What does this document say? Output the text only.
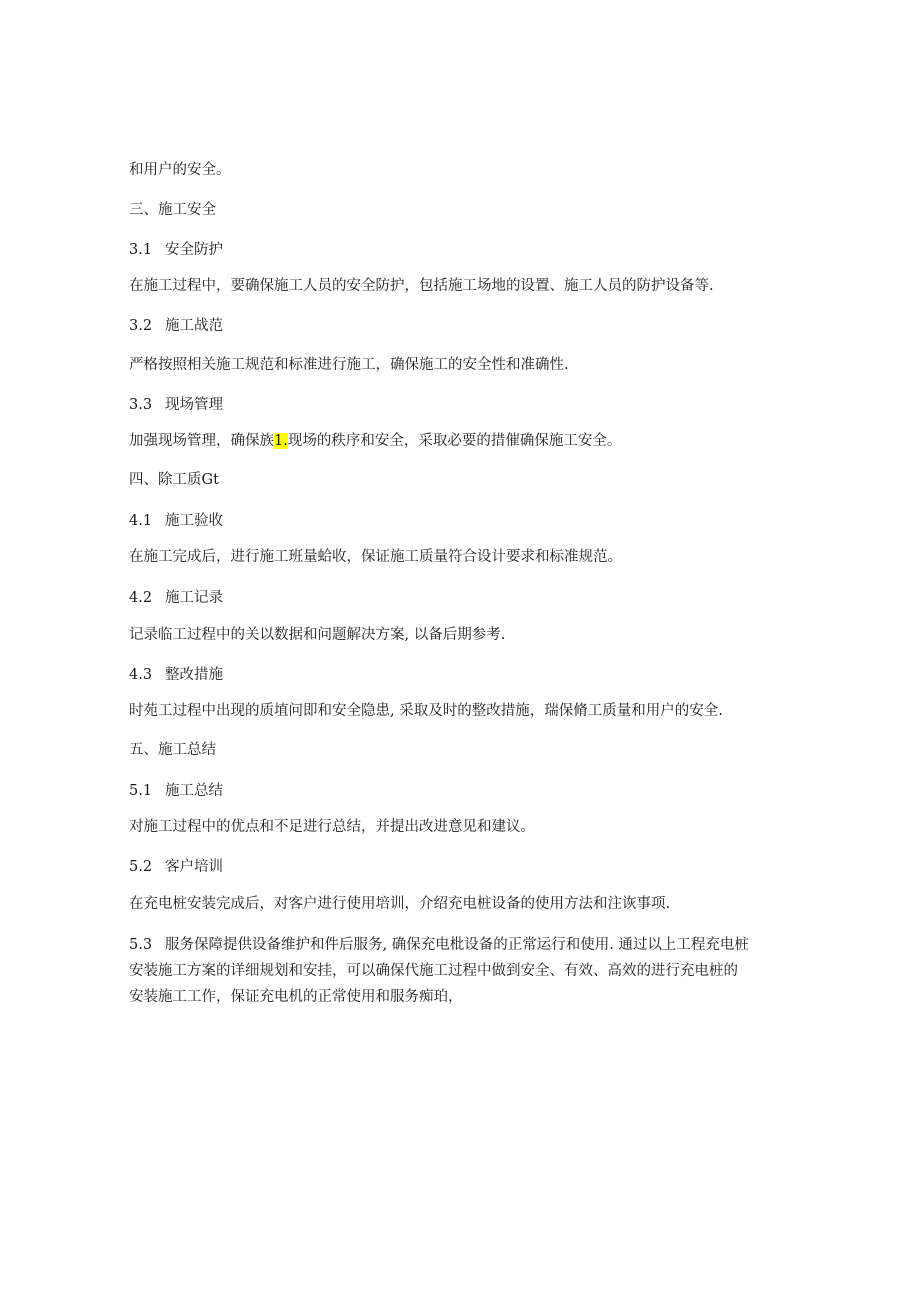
和用户的安全。
三、施工安全
3.1 安全防护
在施工过程中，要确保施工人员的安全防护，包括施工场地的设置、施工人员的防护设备等.
3.2 施工战范
严格按照相关施工规范和标准进行施工，确保施工的安全性和准确性.
3.3 现场管理
加强现场管理，确保族1.现场的秩序和安全，采取必要的措催确保施工安全。
四、除工质Gt
4.1 施工验收
在施工完成后，进行施工班量蛤收，保证施工质量符合设计要求和标准规范。
4.2 施工记录
记录临工过程中的关以数据和问题解决方案, 以备后期参考.
4.3 整改措施
时苑工过程中出现的质埴问即和安全隐患, 采取及时的整改措施，瑞保脩工质量和用户的安全.
五、施工总结
5.1 施工总结
对施工过程中的优点和不足进行总结，并提出改进意见和建议。
5.2 客户培训
在充电桩安装完成后，对客户进行使用培训，介绍充电桩设备的使用方法和注诙事项.
5.3 服务保障提供设备维护和件后服务, 确保充电枇设备的正常运行和使用. 通过以上工程充电桩
安装施工方案的详细规划和安挂，可以确保代施工过程中做到安全、有效、高效的进行充电桩的
安装施工工作，保证充电机的正常使用和服务痴珀，
